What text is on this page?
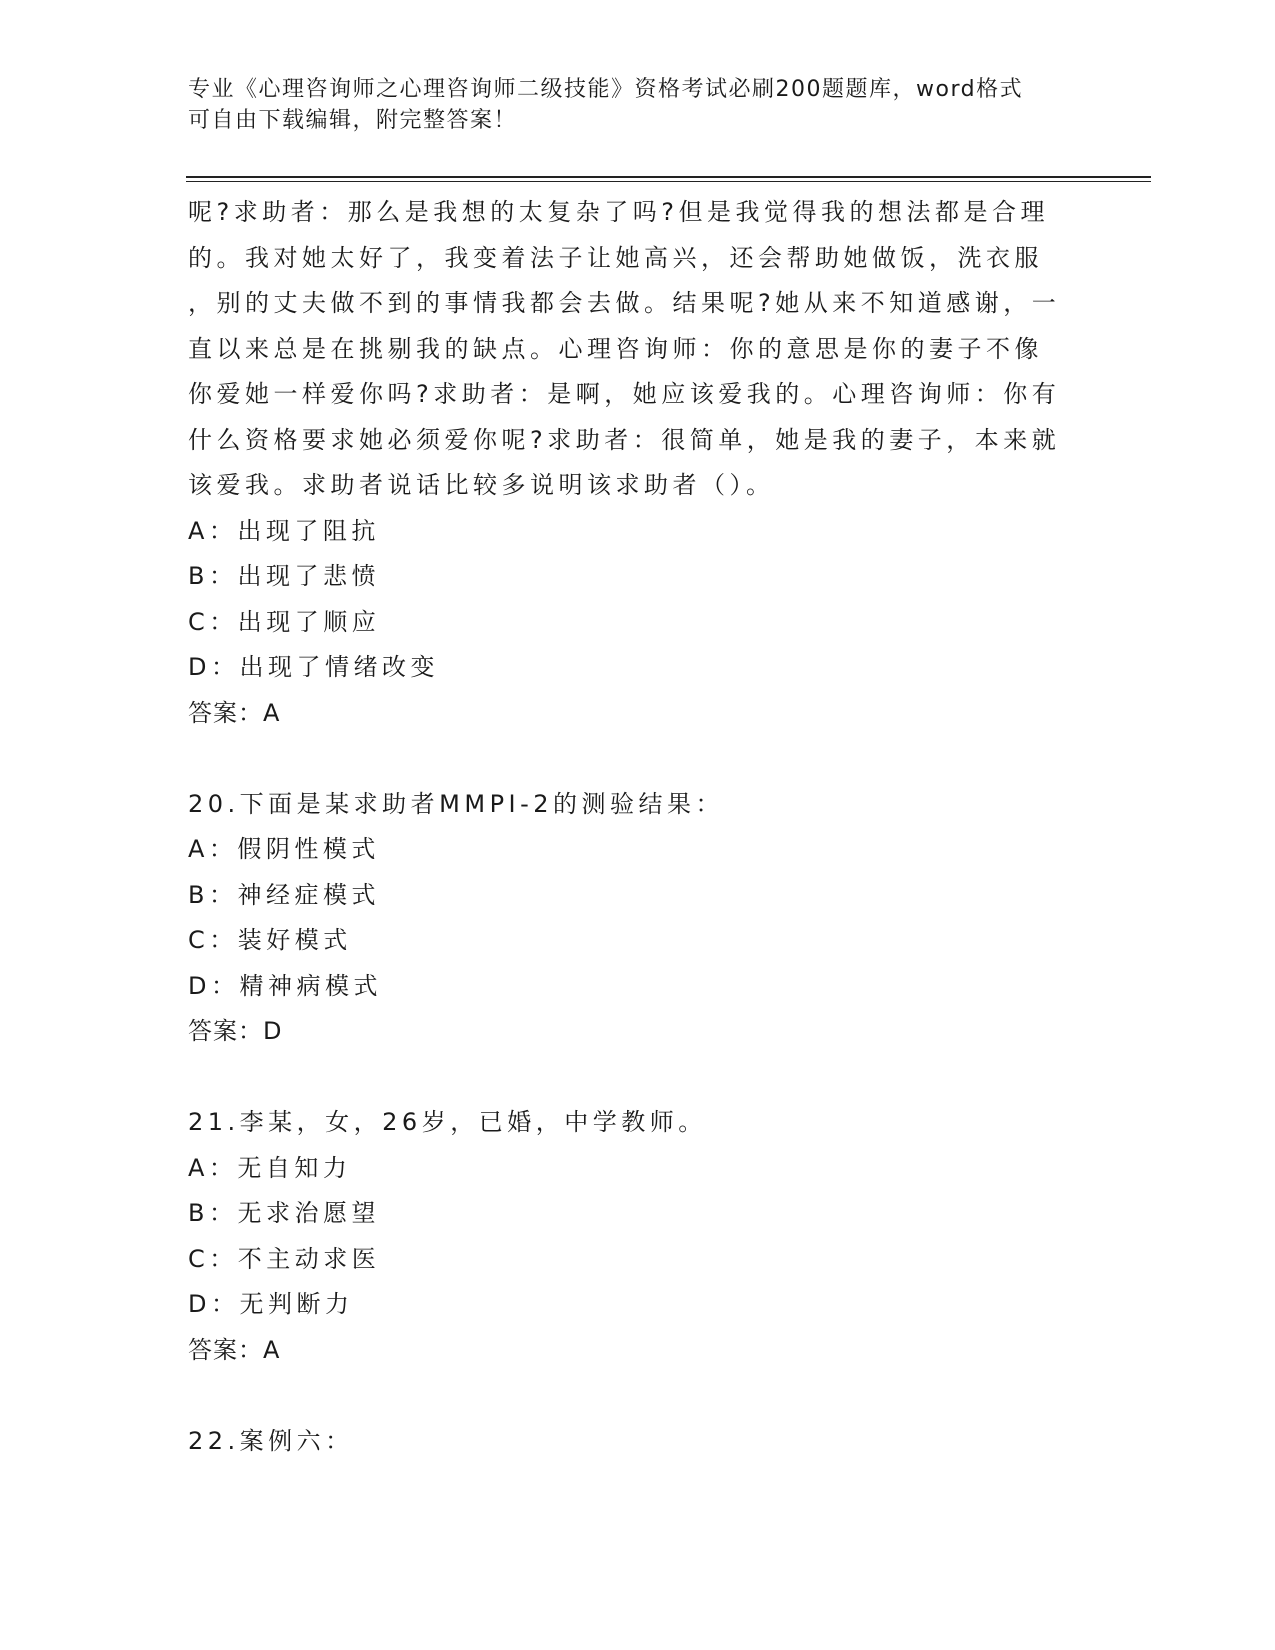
专业《心理咨询师之心理咨询师二级技能》资格考试必刷200题题库，word格式
可自由下载编辑，附完整答案！

呢?求助者：那么是我想的太复杂了吗?但是我觉得我的想法都是合理

的。我对她太好了，我变着法子让她高兴，还会帮助她做饭，洗衣服

，别的丈夫做不到的事情我都会去做。结果呢?她从来不知道感谢，一

直以来总是在挑剔我的缺点。心理咨询师：你的意思是你的妻子不像

你爱她一样爱你吗?求助者：是啊，她应该爱我的。心理咨询师：你有

什么资格要求她必须爱你呢?求助者：很简单，她是我的妻子，本来就

该爱我。求助者说话比较多说明该求助者（）。

A：出现了阻抗

B：出现了悲愤

C：出现了顺应

D：出现了情绪改变

答案：A

20.下面是某求助者MMPI-2的测验结果：

A：假阴性模式

B：神经症模式

C：装好模式

D：精神病模式

答案：D

21.李某，女，26岁，已婚，中学教师。

A：无自知力

B：无求治愿望

C：不主动求医

D：无判断力

答案：A

22.案例六：
